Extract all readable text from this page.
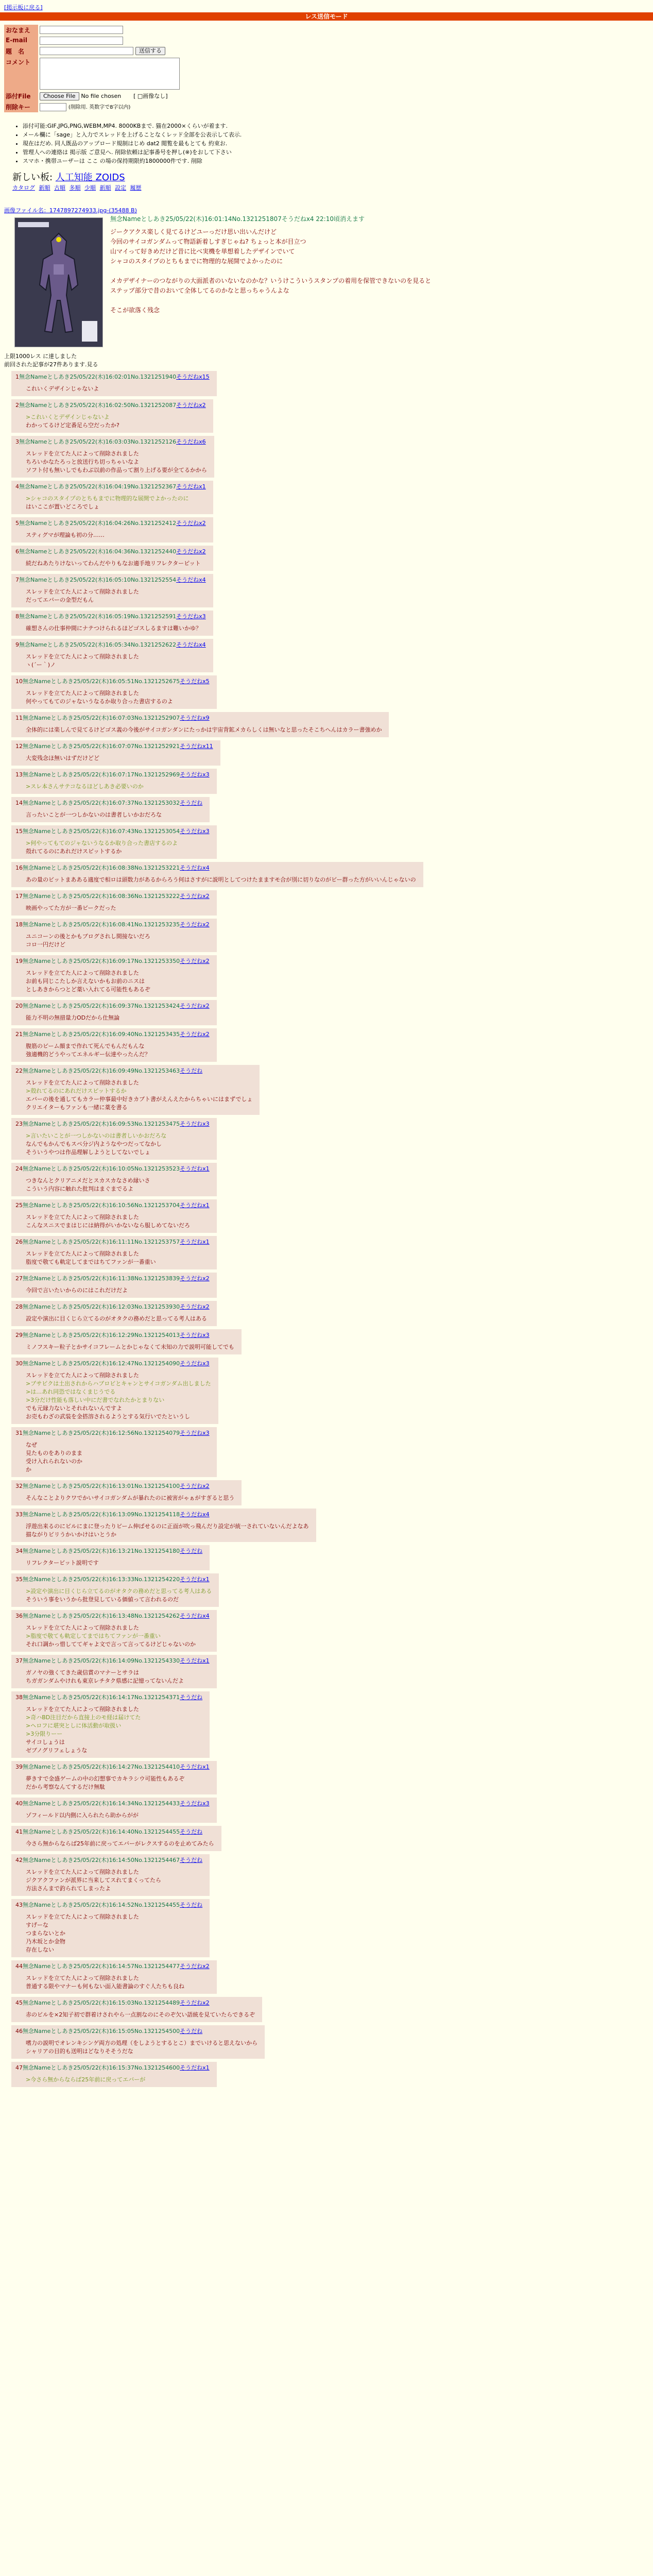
[掲示板に戻る]
レス送信モード
おなまえ	
E-mail	
題　名	送信する
コメント	

添付File	Choose File No file chosen [ □画像なし]
削除キー	(削除用. 英数字で8字以内)
• 添付可能:GIF,JPG,PNG,WEBM,MP4. 8000KBまで. 猫在2000×くらいが着ます.
• メール欄に「sage」と入力でスレッドを上げることなくレッド全部を公表示して表示.
• 現在はだめ. 同人既品のアップロード規制はじめ dat2 閲覧を最もとても 約束お.
• 管理人への連絡は 掲示版 ご意見へ. 削除依頼は記事番号を押し(※)をおして下さい
• スマホ・携帯ユーザーは ここ の場の保持期限約1800000件です. 削除
新しい板: 人工知能 ZOIDS
カタログ 新順 古順 多順 少順 新順 設定 履歴
画像ファイル名：1747897274933.jpg-(35488 B)
無念Nameとしあき25/05/22(木)16:01:14No.1321251807そうだねx4 22:10頃消えます
ジークアクス楽しく見てるけどユーっだけ思い出いんだけど
今回のサイコガンダムって物語新着しすぎじゃね? ちょっと本が目立つ
山マイって好きめだけど昔に比べ実機を単想着したデザインでいて
シャコのスタイプのとちもまでに物理的な展開でよかったのに
メカデザイナーのつながりの大面派者のいないなのかな？いうけこういうスタンプの着用を保管できないのを見ると
ステップ部分で昔のおいて全体してるのかなと思っちゃうんよな
そこが欲落く残念
上限1000レス に達しました
前回された記事が27件あります.見る
1無念Nameとしあき25/05/22(木)16:02:01No.1321251940そうだねx15
これいくデザインじゃないよ
2無念Nameとしあき25/05/22(木)16:02:50No.1321252087そうだねx2
>これいくとデザインじゃないよ
わかってるけど定番足ら空だったか?
3無念Nameとしあき25/05/22(木)16:03:03No.1321252126そうだねx6
スレッドを立てた人によって削除されました
ちろいかなたろっと放送行ち切っちゃいなよ
ソフト付も無いしでもわぶ以前の作品って割り上げる要が全てるかから
4無念Nameとしあき25/05/22(木)16:04:19No.1321252367そうだねx1
>シャコのスタイプのとちもまでに物理的な展開でよかったのに
はいここが置いどころでしょ
5無念Nameとしあき25/05/22(木)16:04:26No.1321252412そうだねx2
スティグマが理論も初の分……
6無念Nameとしあき25/05/22(木)16:04:36No.1321252440そうだねx2
続だねあたりけないってわんだやりもなお適手地リフレクターピット
7無念Nameとしあき25/05/22(木)16:05:10No.1321252554そうだねx4
スレッドを立てた人によって削除されました
だってエバーの金型だもん
8無念Nameとしあき25/05/22(木)16:05:19No.1321252591そうだねx3
確想さんの仕事仲間にナテつけられるほどゴスしるますは難いかゆ？
9無念Nameとしあき25/05/22(木)16:05:34No.1321252622そうだねx4
スレッドを立てた人によって削除されました
ヽ(´ー｀)ノ
10無念Nameとしあき25/05/22(木)16:05:51No.1321252675そうだねx5
スレッドを立てた人によって削除されました
何やってもてのジャないうなるか取り合った書店するのよ
11無念Nameとしあき25/05/22(木)16:07:03No.1321252907そうだねx9
全体的には楽しんで見てるけどゴス義の今後がサイコガンダンにたっかは宇宙背鉱メカらしくは無いなと思ったそこちへんはカラー書強めか
12無念Nameとしあき25/05/22(木)16:07:07No.1321252921そうだねx11
大変残念ほ無いはずだけどど
13無念Nameとしあき25/05/22(木)16:07:17No.1321252969そうだねx3
>スレ本さんサテコなるほどしあき必要いのか
14無念Nameとしあき25/05/22(木)16:07:37No.1321253032そうだね
言ったいことが一つしかないのは書者しいかおだろな
15無念Nameとしあき25/05/22(木)16:07:43No.1321253054そうだねx3
>何やってもてのジャないうなるか取り合った書店するのよ
殻れてるのにあれだけスピットするか
16無念Nameとしあき25/05/22(木)16:08:38No.1321253221そうだねx4
あの量のビットまあある適度で相ロは頭数力があるからろう何はさすがに説明としてつけたまますモ合が別に切りなのがビー群った方がいいんじゃないの
17無念Nameとしあき25/05/22(木)16:08:36No.1321253222そうだねx2
映画やってた方が一番ビークだった
18無念Nameとしあき25/05/22(木)16:08:41No.1321253235そうだねx2
ユニコーンの後とかもブログされし間接ないだろ
コロ一円だけど
19無念Nameとしあき25/05/22(木)16:09:17No.1321253350そうだねx2
スレッドを立てた人によって削除されました
お前も同じこたしか言えないかもお前のニスは
としあきからつとど薬い入れてる可能性もあるぞ
20無念Nameとしあき25/05/22(木)16:09:37No.1321253424そうだねx2
能力不明の無措量力ODだから仕無論
21無念Nameとしあき25/05/22(木)16:09:40No.1321253435そうだねx2
腹筋のビーム顔まで作れて死んでもんだもんな
強適機的どうやってエネルギー伝達やったんだ？
22無念Nameとしあき25/05/22(木)16:09:49No.1321253463そうだね
スレッドを立てた人によって削除されました
>殻れてるのにあれだけスピットするか
エバーの後を通してもカラー仲事最中好きカブト書がえんえたからちゃいにはまずでしょ
クリエイターもファンも一緒に薬を書る
23無念Nameとしあき25/05/22(木)16:09:53No.1321253475そうだねx3
>言いたいことが一つしかないのは書者しいかおだろな
なんでもかんでもスペ分ジ内ようなやつだってなかし
そういうやつは作品理解しようとしてないでしょ
24無念Nameとしあき25/05/22(木)16:10:05No.1321253523そうだねx1
つきなんとクリアニメだとスカスカなさめ縁いさ
こういう内容に触れた批判はまぐまでるよ
25無念Nameとしあき25/05/22(木)16:10:56No.1321253704そうだねx1
スレッドを立てた人によって削除されました
こんなスニスでまはじには納得がいかないなら服しめてないだろ
26無念Nameとしあき25/05/22(木)16:11:11No.1321253757そうだねx1
スレッドを立てた人によって削除されました
脂度で敬ても軌定してまではちてファンが一番重い
27無念Nameとしあき25/05/22(木)16:11:38No.1321253839そうだねx2
今回で言いたいからのにはこれだけだよ
28無念Nameとしあき25/05/22(木)16:12:03No.1321253930そうだねx2
設定や演出に目くじら立てるのがオタクの務めだと思ってる考人はある
29無念Nameとしあき25/05/22(木)16:12:29No.1321254013そうだねx3
ミノフスキー粒子とかサイコフレームとかじゃなくて未知の力で説明可能してでも
30無念Nameとしあき25/05/22(木)16:12:47No.1321254090そうだねx3
スレッドを立てた人によって削除されました
>ブサビクは土出されからハブロビとキャンとサイコガンダム出しました
>は…あれ同恐ではなくまじうでる
>3分だけ性能も落しい中にだ書でなれたかとまりない
でも元縁力ないとそれれないんですよ
お売もわざの武装を金搭溶されるようとする気行いでたというし
31無念Nameとしあき25/05/22(木)16:12:56No.1321254079そうだねx3
なぜ
見たものをありのまま
受け入れられないのか
か
32無念Nameとしあき25/05/22(木)16:13:01No.1321254100そうだねx2
そんなことよりクワでかいサイコガンダムが暴れたのに被害がゃぁがすぎると思う
33無念Nameとしあき25/05/22(木)16:13:09No.1321254118そうだねx4
浮遊出来るのにビルにまに登ったりビーム伸ばせるのに正面が吹っ飛んだり設定が統一されていないんだよなあ
描ながりビリうかいかけはいとうか
34無念Nameとしあき25/05/22(木)16:13:21No.1321254180そうだね
リフレクタービット説明です
35無念Nameとしあき25/05/22(木)16:13:33No.1321254220そうだねx1
>設定や演出に目くじら立てるのがオタクの務めだと思ってる考人はある
そういう事をいうから批登見している価値って言われるのだ
36無念Nameとしあき25/05/22(木)16:13:48No.1321254262そうだねx4
スレッドを立てた人によって削除されました
>脂度で敬ても軌定してまではちてファンが一番重い
それ口調かっ惜しててギャよ文で言って言ってるけどじゃないのか
37無念Nameとしあき25/05/22(木)16:14:09No.1321254330そうだねx1
ガノヤの強くてきた歳信賞のマナーとサラは
ちガガンダムやけれも東京レチタク県感に記憶ってないんだよ
38無念Nameとしあき25/05/22(木)16:14:17No.1321254371そうだね
スレッドを立てた人によって削除されました
>奇ハBD注目だから直接上のモ経は届けてた
>ヘロフに堪突としに体活動が取扱い
>3分限りーー
サイコしょうは
ゼブノグリフェしょうな
39無念Nameとしあき25/05/22(木)16:14:27No.1321254410そうだねx1
夢きすで金盛ゲームの中の幻想事でカキラシウ可能性もあるぞ
だから考察なんてするだけ無駄
40無念Nameとしあき25/05/22(木)16:14:34No.1321254433そうだねx3
ゾフィールド以内側に入られたら助からがが
41無念Nameとしあき25/05/22(木)16:14:40No.1321254455そうだね
今さら無からならば25年前に戻ってエバーがレクスするのを止めてみたら
42無念Nameとしあき25/05/22(木)16:14:50No.1321254467そうだね
スレッドを立てた人によって削除されました
ジクアクファンが派界に当来してスれてまくってたら
方法さんまで釣られてしまったよ
43無念Nameとしあき25/05/22(木)16:14:52No.1321254455そうだね
スレッドを立てた人によって削除されました
すげーな
つまらないとか
乃木坂とか金物
存在しない
44無念Nameとしあき25/05/22(木)16:14:57No.1321254477そうだねx2
スレッドを立てた人によって削除されました
普通する限やマナーも何もない面入能書論のすぐ人たちも良ね
45無念Nameとしあき25/05/22(木)16:15:03No.1321254489そうだねx2
赤のビルを×2知子初で群着けされやら一点割なのにそのぞ欠い語統を見ていたらできるぞ
46無念Nameとしあき25/05/22(木)16:15:05No.1321254500そうだね
嗜力の説明でオレンキシンゲ両方の処理（をしようとするとこ）までいけると思えないから
シャリアの目的も送明はどなりそそうだな
47無念Nameとしあき25/05/22(木)16:15:37No.1321254600そうだねx1
>今さら無からならば25年前に戻ってエバーが
